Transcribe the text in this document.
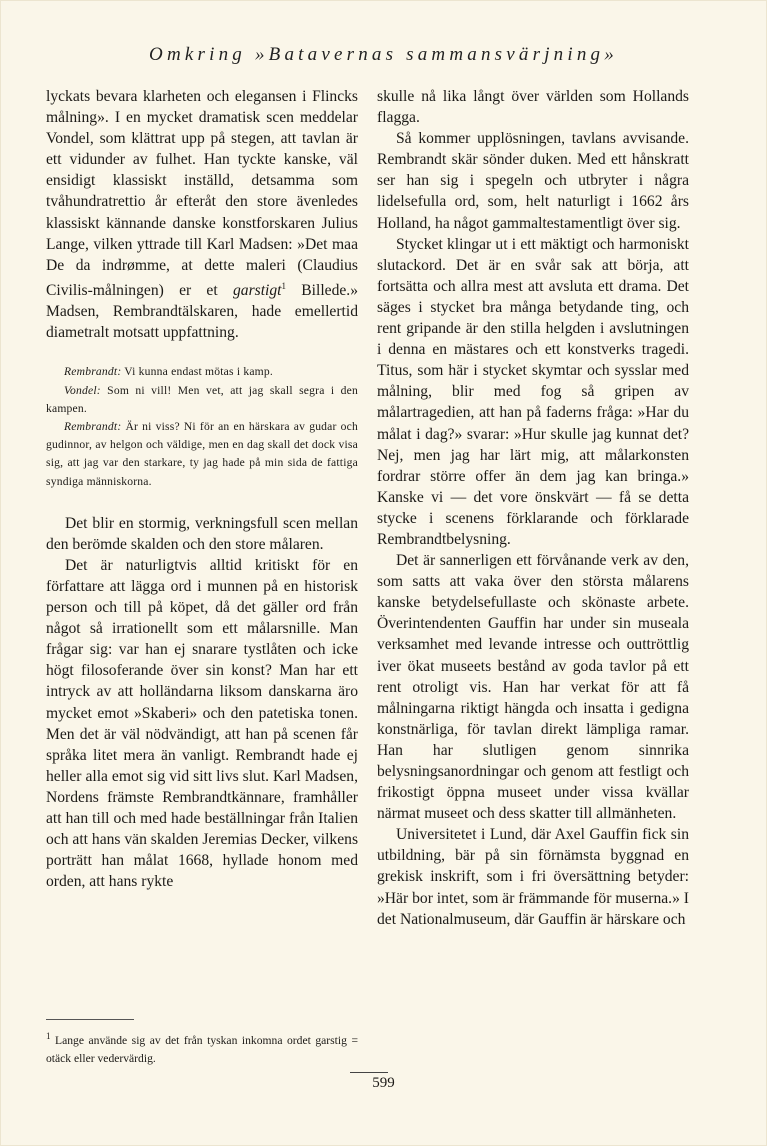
Omkring »Batavernas sammansvärjning»

lyckats bevara klarheten och elegansen i Flincks målning». I en mycket dramatisk scen meddelar Vondel, som klättrat upp på stegen, att tavlan är ett vidunder av fulhet. Han tyckte kanske, väl ensidigt klassiskt inställd, detsamma som tvåhundratrettio år efteråt den store ävenledes klassiskt kännande danske konstforskaren Julius Lange, vilken yttrade till Karl Madsen: »Det maa De da indrømme, at dette maleri (Claudius Civilis-målningen) er et garstigt$^1$ Billede.» Madsen, Rembrandtälskaren, hade emellertid diametralt motsatt uppfattning.

Rembrandt: Vi kunna endast mötas i kamp.

Vondel: Som ni vill! Men vet, att jag skall segra i den kampen.

Rembrandt: Är ni viss? Ni för an en härskara av gudar och gudinnor, av helgon och väldige, men en dag skall det dock visa sig, att jag var den starkare, ty jag hade på min sida de fattiga syndiga människorna.

Det blir en stormig, verkningsfull scen mellan den berömde skalden och den store målaren.

Det är naturligtvis alltid kritiskt för en författare att lägga ord i munnen på en historisk person och till på köpet, då det gäller ord från något så irrationellt som ett målarsnille. Man frågar sig: var han ej snarare tystlåten och icke högt filosoferande över sin konst? Man har ett intryck av att holländarna liksom danskarna äro mycket emot »Skaberi» och den patetiska tonen. Men det är väl nödvändigt, att han på scenen får språka litet mera än vanligt. Rembrandt hade ej heller alla emot sig vid sitt livs slut. Karl Madsen, Nordens främste Rembrandtkännare, framhåller att han till och med hade beställningar från Italien och att hans vän skalden Jeremias Decker, vilkens porträtt han målat 1668, hyllade honom med orden, att hans rykte

$^1$ Lange använde sig av det från tyskan inkomna ordet garstig = otäck eller vedervärdig.

skulle nå lika långt över världen som Hollands flagga.

Så kommer upplösningen, tavlans avvisande. Rembrandt skär sönder duken. Med ett hånskratt ser han sig i spegeln och utbryter i några lidelsefulla ord, som, helt naturligt i 1662 års Holland, ha något gammaltestamentligt över sig.

Stycket klingar ut i ett mäktigt och harmoniskt slutackord. Det är en svår sak att börja, att fortsätta och allra mest att avsluta ett drama. Det säges i stycket bra många betydande ting, och rent gripande är den stilla helgden i avslutningen i denna en mästares och ett konstverks tragedi. Titus, som här i stycket skymtar och sysslar med målning, blir med fog så gripen av målartragedien, att han på faderns fråga: »Har du målat i dag?» svarar: »Hur skulle jag kunnat det? Nej, men jag har lärt mig, att målarkonsten fordrar större offer än dem jag kan bringa.» Kanske vi — det vore önskvärt — få se detta stycke i scenens förklarande och förklarade Rembrandtbelysning.

Det är sannerligen ett förvånande verk av den, som satts att vaka över den största målarens kanske betydelsefullaste och skönaste arbete. Överintendenten Gauffin har under sin museala verksamhet med levande intresse och outtröttlig iver ökat museets bestånd av goda tavlor på ett rent otroligt vis. Han har verkat för att få målningarna riktigt hängda och insatta i gedigna konstnärliga, för tavlan direkt lämpliga ramar. Han har slutligen genom sinnrika belysningsanordningar och genom att festligt och frikostigt öppna museet under vissa kvällar närmat museet och dess skatter till allmänheten.

Universitetet i Lund, där Axel Gauffin fick sin utbildning, bär på sin förnämsta byggnad en grekisk inskrift, som i fri översättning betyder: »Här bor intet, som är främmande för muserna.» I det Nationalmuseum, där Gauffin är härskare och

599
